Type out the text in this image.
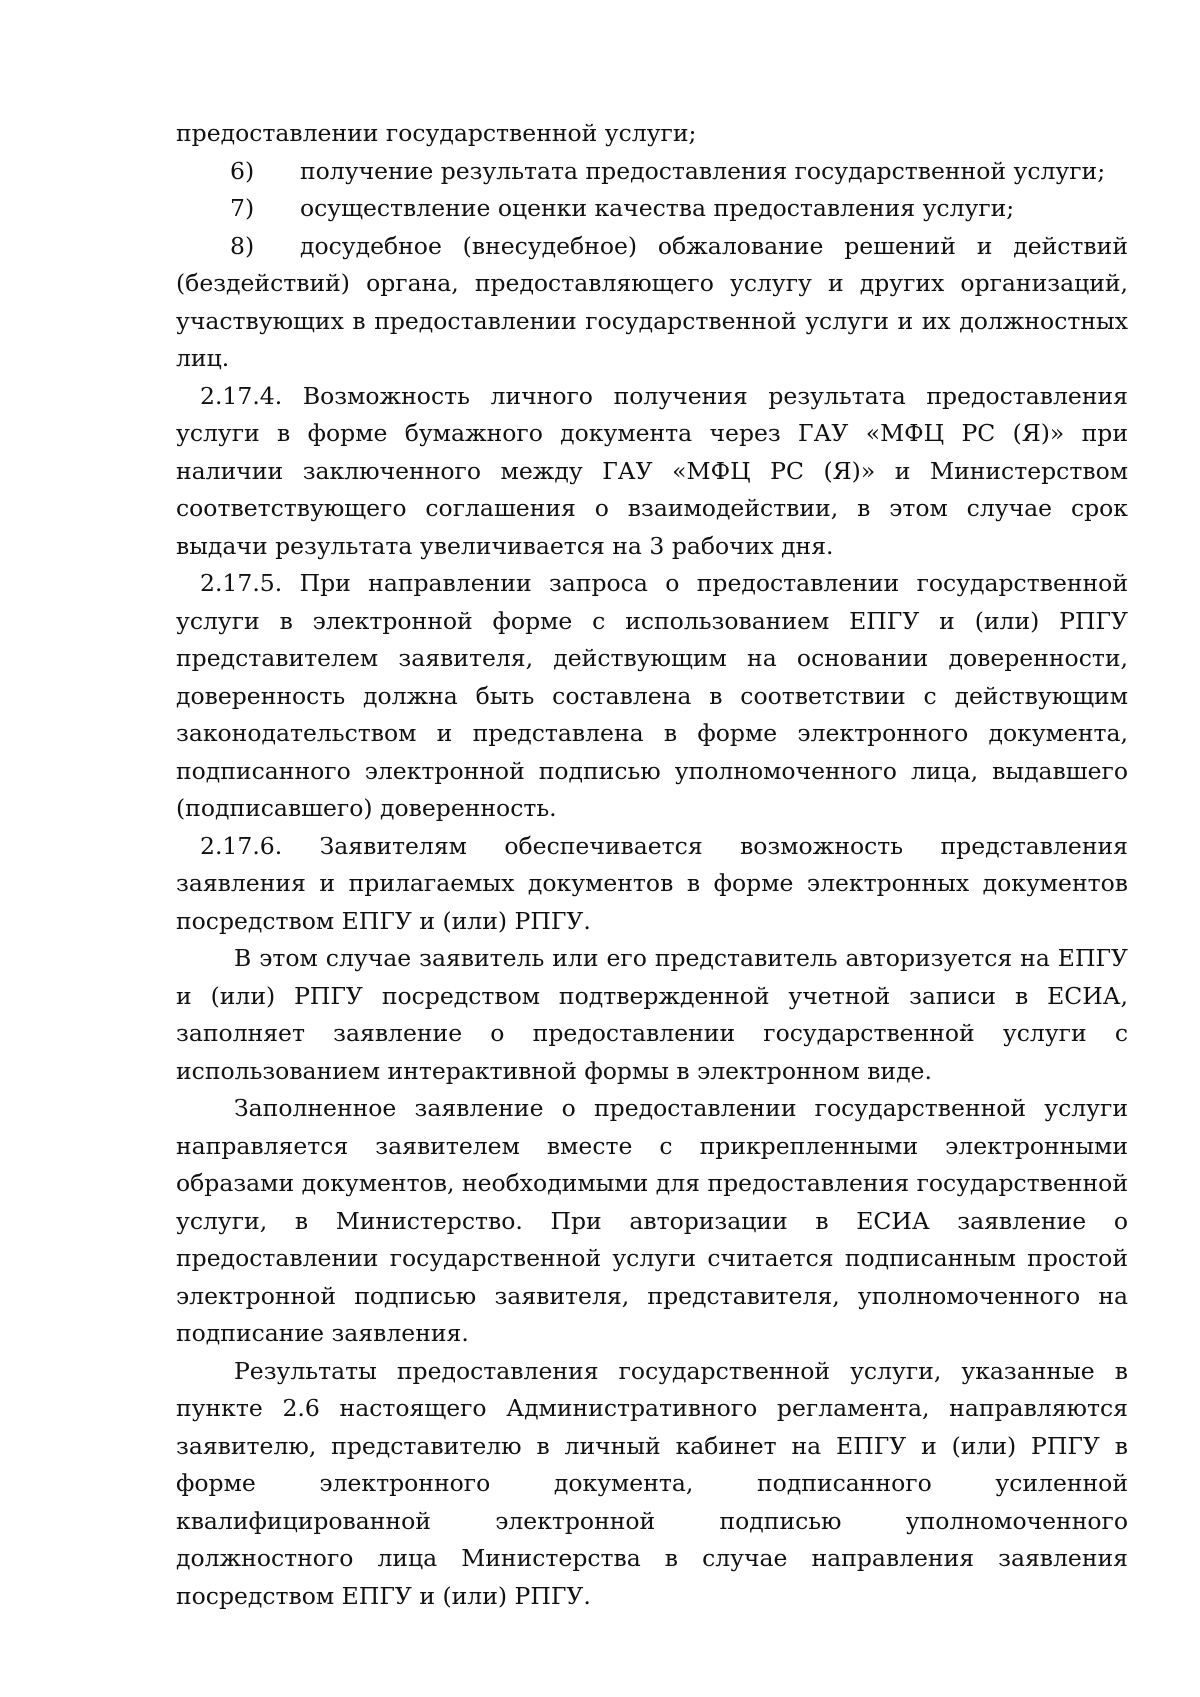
предоставлении государственной услуги;

6) получение результата предоставления государственной услуги;

7) осуществление оценки качества предоставления услуги;

8) досудебное (внесудебное) обжалование решений и действий (бездействий) органа, предоставляющего услугу и других организаций, участвующих в предоставлении государственной услуги и их должностных лиц.

2.17.4. Возможность личного получения результата предоставления услуги в форме бумажного документа через ГАУ «МФЦ РС (Я)» при наличии заключенного между ГАУ «МФЦ РС (Я)» и Министерством соответствующего соглашения о взаимодействии, в этом случае срок выдачи результата увеличивается на 3 рабочих дня.

2.17.5. При направлении запроса о предоставлении государственной услуги в электронной форме с использованием ЕПГУ и (или) РПГУ представителем заявителя, действующим на основании доверенности, доверенность должна быть составлена в соответствии с действующим законодательством и представлена в форме электронного документа, подписанного электронной подписью уполномоченного лица, выдавшего (подписавшего) доверенность.

2.17.6. Заявителям обеспечивается возможность представления заявления и прилагаемых документов в форме электронных документов посредством ЕПГУ и (или) РПГУ.

В этом случае заявитель или его представитель авторизуется на ЕПГУ и (или) РПГУ посредством подтвержденной учетной записи в ЕСИА, заполняет заявление о предоставлении государственной услуги с использованием интерактивной формы в электронном виде.

Заполненное заявление о предоставлении государственной услуги направляется заявителем вместе с прикрепленными электронными образами документов, необходимыми для предоставления государственной услуги, в Министерство. При авторизации в ЕСИА заявление о предоставлении государственной услуги считается подписанным простой электронной подписью заявителя, представителя, уполномоченного на подписание заявления.

Результаты предоставления государственной услуги, указанные в пункте 2.6 настоящего Административного регламента, направляются заявителю, представителю в личный кабинет на ЕПГУ и (или) РПГУ в форме электронного документа, подписанного усиленной квалифицированной электронной подписью уполномоченного должностного лица Министерства в случае направления заявления посредством ЕПГУ и (или) РПГУ.
